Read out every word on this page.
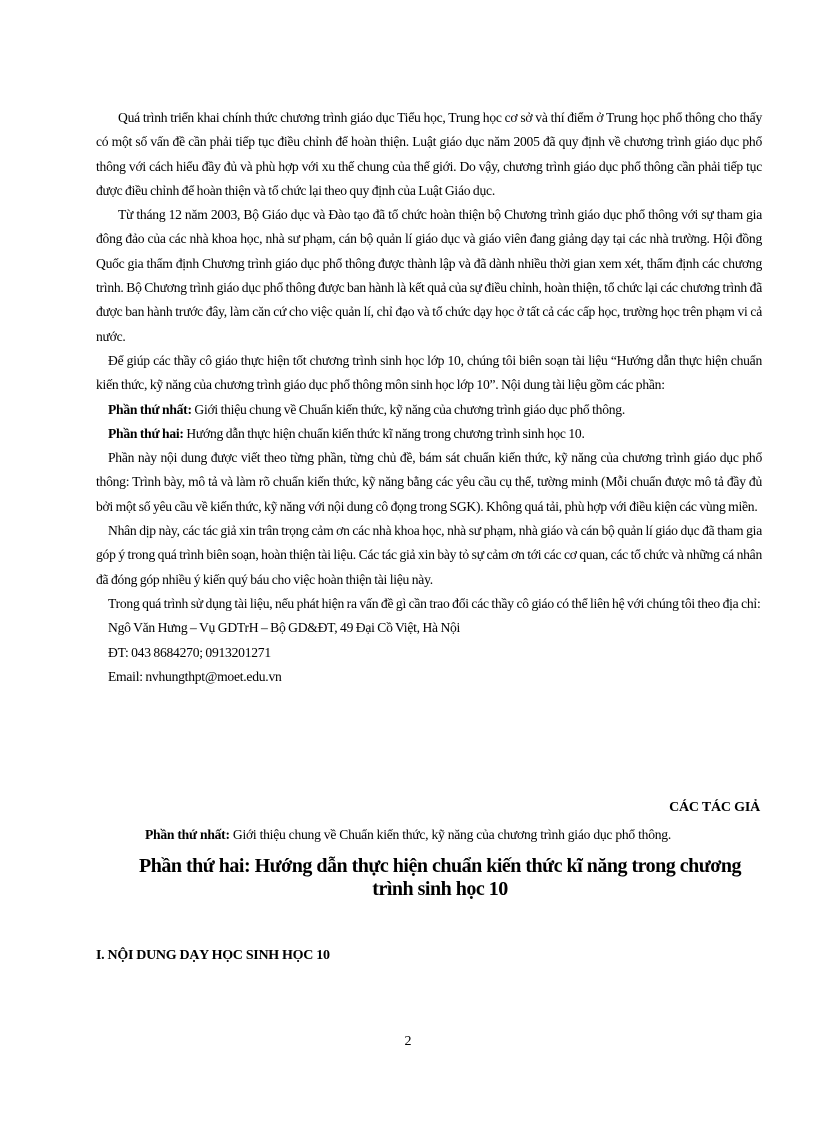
Quá trình triển khai chính thức chương trình giáo dục Tiểu học, Trung học cơ sở và thí điểm ở Trung học phổ thông cho thấy có một số vấn đề cần phải tiếp tục điều chỉnh để hoàn thiện. Luật giáo dục năm 2005 đã quy định về chương trình giáo dục phổ thông với cách hiểu đầy đủ và phù hợp với xu thế chung của thế giới. Do vậy, chương trình giáo dục phổ thông cần phải tiếp tục được điều chỉnh để hoàn thiện và tổ chức lại theo quy định của Luật Giáo dục.

Từ tháng 12 năm 2003, Bộ Giáo dục và Đào tạo đã tổ chức hoàn thiện bộ Chương trình giáo dục phổ thông với sự tham gia đông đảo của các nhà khoa học, nhà sư phạm, cán bộ quản lí giáo dục và giáo viên đang giảng dạy tại các nhà trường. Hội đồng Quốc gia thẩm định Chương trình giáo dục phổ thông được thành lập và đã dành nhiều thời gian xem xét, thẩm định các chương trình. Bộ Chương trình giáo dục phổ thông được ban hành là kết quả của sự điều chỉnh, hoàn thiện, tổ chức lại các chương trình đã được ban hành trước đây, làm căn cứ cho việc quản lí, chỉ đạo và tổ chức dạy học ở tất cả các cấp học, trường học trên phạm vi cả nước.

Để giúp các thầy cô giáo thực hiện tốt chương trình sinh học lớp 10, chúng tôi biên soạn tài liệu “Hướng dẫn thực hiện chuẩn kiến thức, kỹ năng của chương trình giáo dục phổ thông môn sinh học lớp 10”. Nội dung tài liệu gồm các phần:

Phần thứ nhất: Giới thiệu chung về Chuẩn kiến thức, kỹ năng của chương trình giáo dục phổ thông.

Phần thứ hai: Hướng dẫn thực hiện chuẩn kiến thức kĩ năng trong chương trình sinh học 10.

Phần này nội dung được viết theo từng phần, từng chủ đề, bám sát chuẩn kiến thức, kỹ năng của chương trình giáo dục phổ thông: Trình bày, mô tả và làm rõ chuẩn kiến thức, kỹ năng bằng các yêu cầu cụ thể, tường minh (Mỗi chuẩn được mô tả đầy đủ bởi một số yêu cầu về kiến thức, kỹ năng với nội dung cô đọng trong SGK). Không quá tải, phù hợp với điều kiện các vùng miền.

Nhân dịp này, các tác giả xin trân trọng cảm ơn các nhà khoa học, nhà sư phạm, nhà giáo và cán bộ quản lí giáo dục đã tham gia góp ý trong quá trình biên soạn, hoàn thiện tài liệu. Các tác giả xin bày tỏ sự cảm ơn tới các cơ quan, các tổ chức và những cá nhân đã đóng góp nhiều ý kiến quý báu cho việc hoàn thiện tài liệu này.

Trong quá trình sử dụng tài liệu, nếu phát hiện ra vấn đề gì cần trao đổi các thầy cô giáo có thể liên hệ với chúng tôi theo địa chỉ:

Ngô Văn Hưng – Vụ GDTrH – Bộ GD&ĐT, 49 Đại Cồ Việt, Hà Nội

ĐT: 043 8684270; 0913201271

Email: nvhungthpt@moet.edu.vn

CÁC TÁC GIẢ
Phần thứ nhất: Giới thiệu chung về Chuẩn kiến thức, kỹ năng của chương trình giáo dục phổ thông.
Phần thứ hai: Hướng dẫn thực hiện chuẩn kiến thức kĩ năng trong chương trình sinh học 10
I. NỘI DUNG DẠY HỌC SINH HỌC 10
2
